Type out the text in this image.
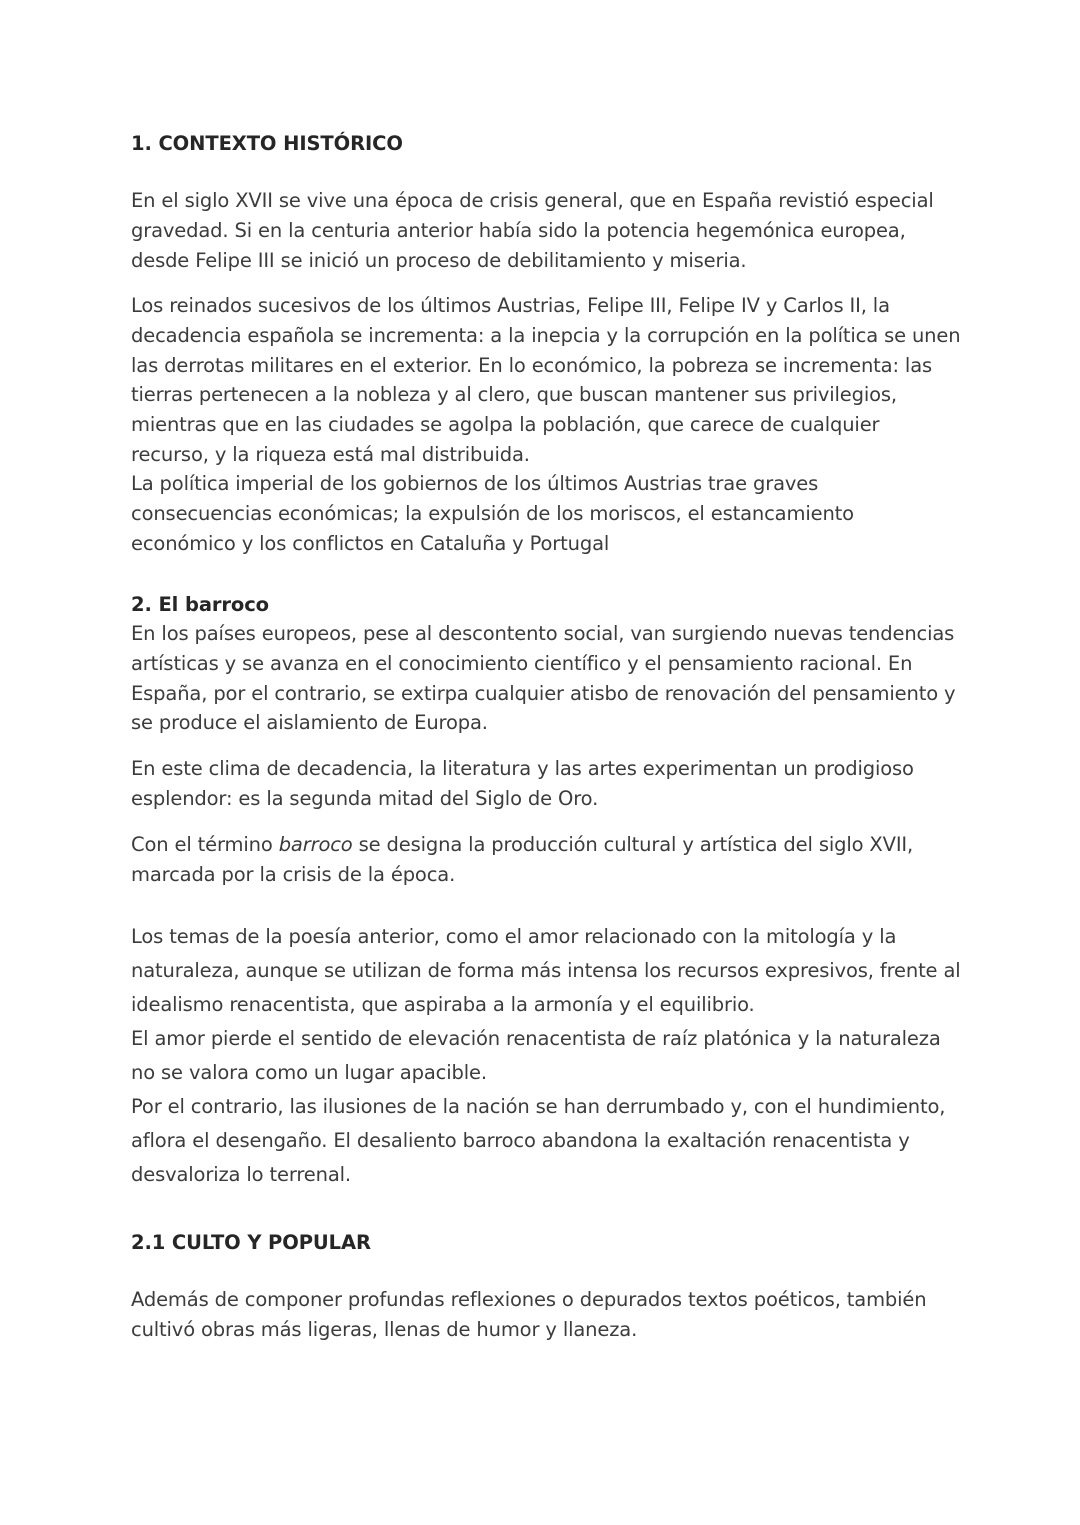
1. CONTEXTO HISTÓRICO

En el siglo XVII se vive una época de crisis general, que en España revistió especial gravedad. Si en la centuria anterior había sido la potencia hegemónica europea, desde Felipe III se inició un proceso de debilitamiento y miseria.

Los reinados sucesivos de los últimos Austrias, Felipe III, Felipe IV y Carlos II, la decadencia española se incrementa: a la inepcia y la corrupción en la política se unen las derrotas militares en el exterior. En lo económico, la pobreza se incrementa: las tierras pertenecen a la nobleza y al clero, que buscan mantener sus privilegios, mientras que en las ciudades se agolpa la población, que carece de cualquier recurso, y la riqueza está mal distribuida.

La política imperial de los gobiernos de los últimos Austrias trae graves consecuencias económicas; la expulsión de los moriscos, el estancamiento económico y los conflictos en Cataluña y Portugal

2. El barroco

En los países europeos, pese al descontento social, van surgiendo nuevas tendencias artísticas y se avanza en el conocimiento científico y el pensamiento racional. En España, por el contrario, se extirpa cualquier atisbo de renovación del pensamiento y se produce el aislamiento de Europa.

En este clima de decadencia, la literatura y las artes experimentan un prodigioso esplendor: es la segunda mitad del Siglo de Oro.

Con el término barroco se designa la producción cultural y artística del siglo XVII, marcada por la crisis de la época.

Los temas de la poesía anterior, como el amor relacionado con la mitología y la naturaleza, aunque se utilizan de forma más intensa los recursos expresivos, frente al idealismo renacentista, que aspiraba a la armonía y el equilibrio.

El amor pierde el sentido de elevación renacentista de raíz platónica y la naturaleza no se valora como un lugar apacible.

Por el contrario, las ilusiones de la nación se han derrumbado y, con el hundimiento, aflora el desengaño. El desaliento barroco abandona la exaltación renacentista y desvaloriza lo terrenal.

2.1 CULTO Y POPULAR

Además de componer profundas reflexiones o depurados textos poéticos, también cultivó obras más ligeras, llenas de humor y llaneza.
